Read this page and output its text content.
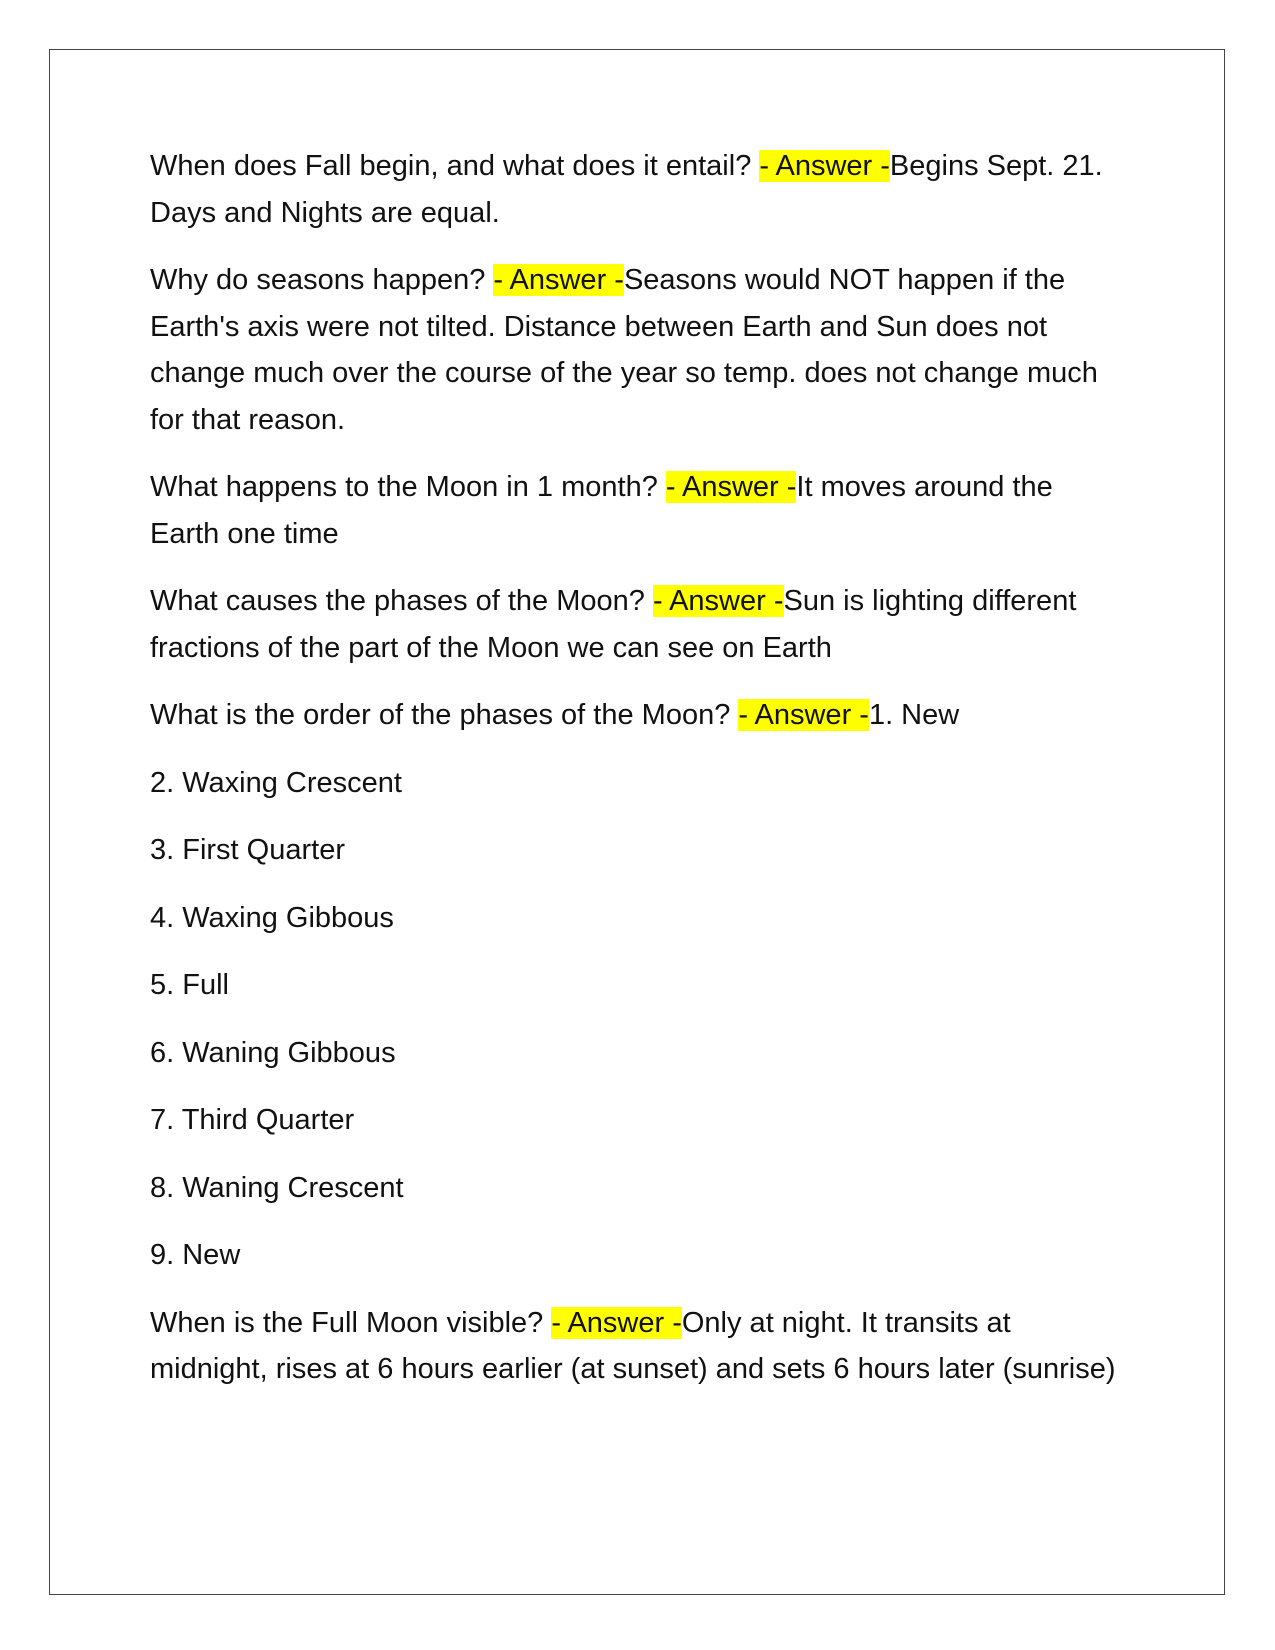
When does Fall begin, and what does it entail? - Answer -Begins Sept. 21. Days and Nights are equal.

Why do seasons happen? - Answer -Seasons would NOT happen if the Earth's axis were not tilted. Distance between Earth and Sun does not change much over the course of the year so temp. does not change much for that reason.

What happens to the Moon in 1 month? - Answer -It moves around the Earth one time

What causes the phases of the Moon? - Answer -Sun is lighting different fractions of the part of the Moon we can see on Earth

What is the order of the phases of the Moon? - Answer -1. New

2. Waxing Crescent

3. First Quarter

4. Waxing Gibbous

5. Full

6. Waning Gibbous

7. Third Quarter

8. Waning Crescent

9. New

When is the Full Moon visible? - Answer -Only at night. It transits at midnight, rises at 6 hours earlier (at sunset) and sets 6 hours later (sunrise)
